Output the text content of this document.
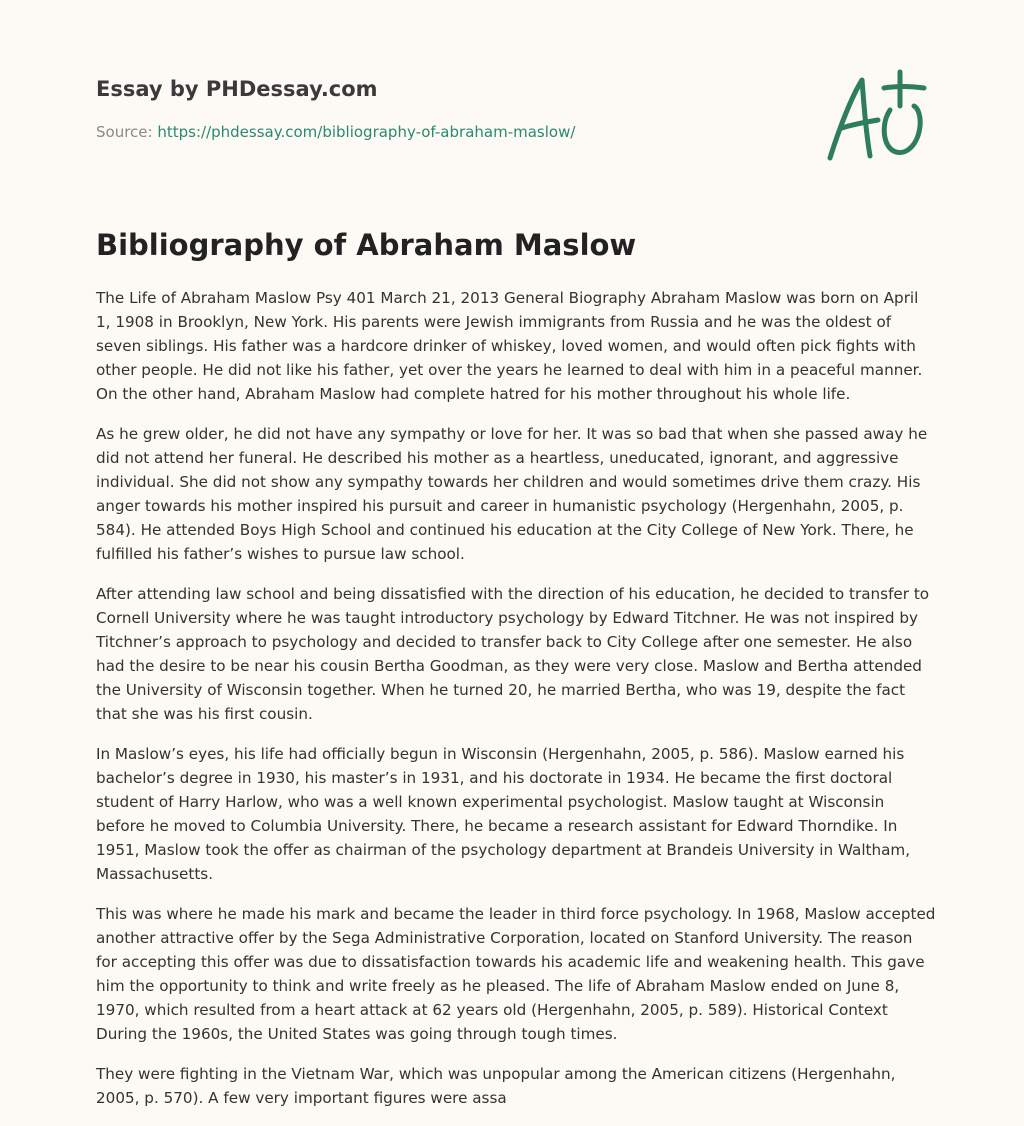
Essay by PHDessay.com
Source: https://phdessay.com/bibliography-of-abraham-maslow/
Bibliography of Abraham Maslow

The Life of Abraham Maslow Psy 401 March 21, 2013 General Biography Abraham Maslow was born on April 1, 1908 in Brooklyn, New York. His parents were Jewish immigrants from Russia and he was the oldest of seven siblings. His father was a hardcore drinker of whiskey, loved women, and would often pick fights with other people. He did not like his father, yet over the years he learned to deal with him in a peaceful manner. On the other hand, Abraham Maslow had complete hatred for his mother throughout his whole life.

As he grew older, he did not have any sympathy or love for her. It was so bad that when she passed away he did not attend her funeral. He described his mother as a heartless, uneducated, ignorant, and aggressive individual. She did not show any sympathy towards her children and would sometimes drive them crazy. His anger towards his mother inspired his pursuit and career in humanistic psychology (Hergenhahn, 2005, p. 584). He attended Boys High School and continued his education at the City College of New York. There, he fulfilled his father’s wishes to pursue law school.

After attending law school and being dissatisfied with the direction of his education, he decided to transfer to Cornell University where he was taught introductory psychology by Edward Titchner. He was not inspired by Titchner’s approach to psychology and decided to transfer back to City College after one semester. He also had the desire to be near his cousin Bertha Goodman, as they were very close. Maslow and Bertha attended the University of Wisconsin together. When he turned 20, he married Bertha, who was 19, despite the fact that she was his first cousin.

In Maslow’s eyes, his life had officially begun in Wisconsin (Hergenhahn, 2005, p. 586). Maslow earned his bachelor’s degree in 1930, his master’s in 1931, and his doctorate in 1934. He became the first doctoral student of Harry Harlow, who was a well known experimental psychologist. Maslow taught at Wisconsin before he moved to Columbia University. There, he became a research assistant for Edward Thorndike. In 1951, Maslow took the offer as chairman of the psychology department at Brandeis University in Waltham, Massachusetts.

This was where he made his mark and became the leader in third force psychology. In 1968, Maslow accepted another attractive offer by the Sega Administrative Corporation, located on Stanford University. The reason for accepting this offer was due to dissatisfaction towards his academic life and weakening health. This gave him the opportunity to think and write freely as he pleased. The life of Abraham Maslow ended on June 8, 1970, which resulted from a heart attack at 62 years old (Hergenhahn, 2005, p. 589). Historical Context During the 1960s, the United States was going through tough times.

They were fighting in the Vietnam War, which was unpopular among the American citizens (Hergenhahn, 2005, p. 570). A few very important figures were assa
